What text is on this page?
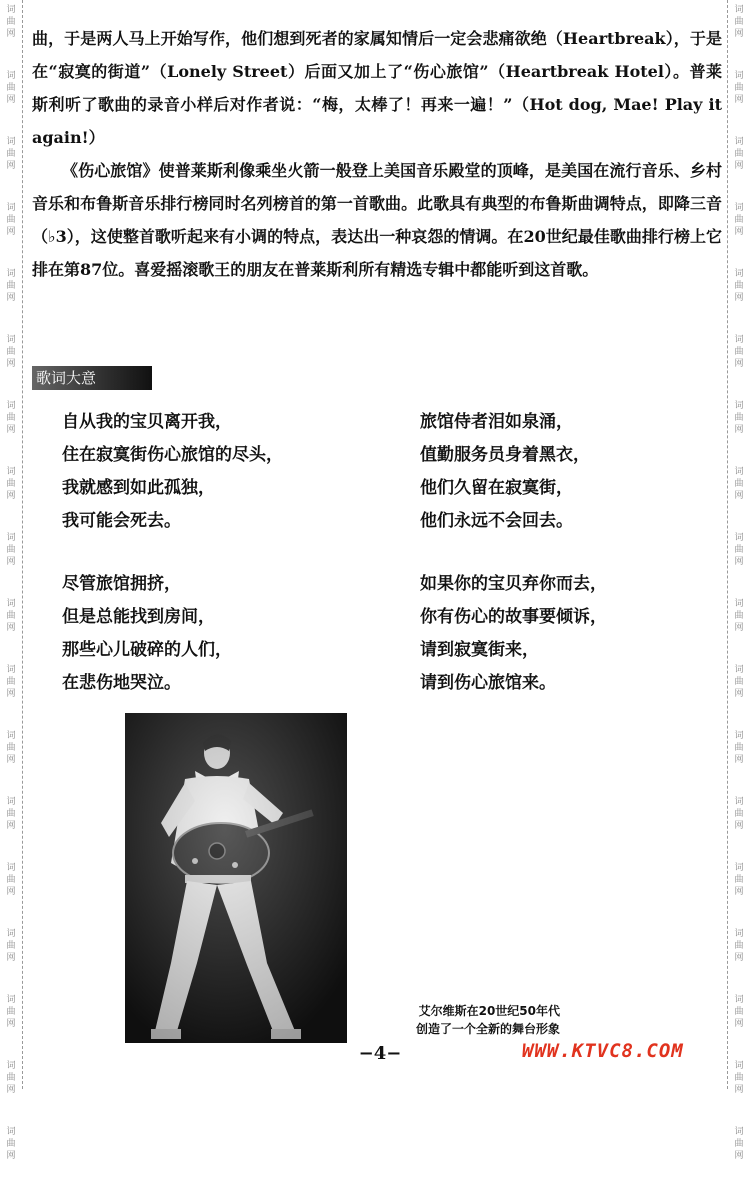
词
曲
网
词
曲
网
词
曲
网
词
曲
网
词
曲
网
词
曲
网
词
曲
网
词
曲
网
词
曲
网
词
曲
网
词
曲
网
词
曲
网
词
曲
网
词
曲
网
词
曲
网
词
曲
网
词
曲
网
词
曲
网
词
曲
网
词
曲
网
词
曲
网
词
曲
网
词
曲
网
词
曲
网
词
曲
网
词
曲
网
词
曲
网
词
曲
网
词
曲
网
词
曲
网
词
曲
网
词
曲
网
词
曲
网
词
曲
网
词
曲
网
词
曲
网

曲，于是两人马上开始写作，他们想到死者的家属知情后一定会悲痛欲绝（Heartbreak），于是在“寂寞的街道”（Lonely Street）后面又加上了“伤心旅馆”（Heartbreak Hotel）。普莱斯利听了歌曲的录音小样后对作者说：“梅，太棒了！再来一遍！”（Hot dog, Mae! Play it again!）

《伤心旅馆》使普莱斯利像乘坐火箭一般登上美国音乐殿堂的顶峰，是美国在流行音乐、乡村音乐和布鲁斯音乐排行榜同时名列榜首的第一首歌曲。此歌具有典型的布鲁斯曲调特点，即降三音（♭3），这使整首歌听起来有小调的特点，表达出一种哀怨的情调。在20世纪最佳歌曲排行榜上它排在第87位。喜爱摇滚歌王的朋友在普莱斯利所有精选专辑中都能听到这首歌。

歌词大意
自从我的宝贝离开我，
住在寂寞街伤心旅馆的尽头，
我就感到如此孤独，
我可能会死去。
尽管旅馆拥挤，
但是总能找到房间，
那些心儿破碎的人们，
在悲伤地哭泣。
旅馆侍者泪如泉涌，
值勤服务员身着黑衣，
他们久留在寂寞街，
他们永远不会回去。
如果你的宝贝弃你而去，
你有伤心的故事要倾诉，
请到寂寞街来，
请到伤心旅馆来。
艾尔维斯在20世纪50年代
创造了一个全新的舞台形象
−4−	WWW.KTVC8.COM
